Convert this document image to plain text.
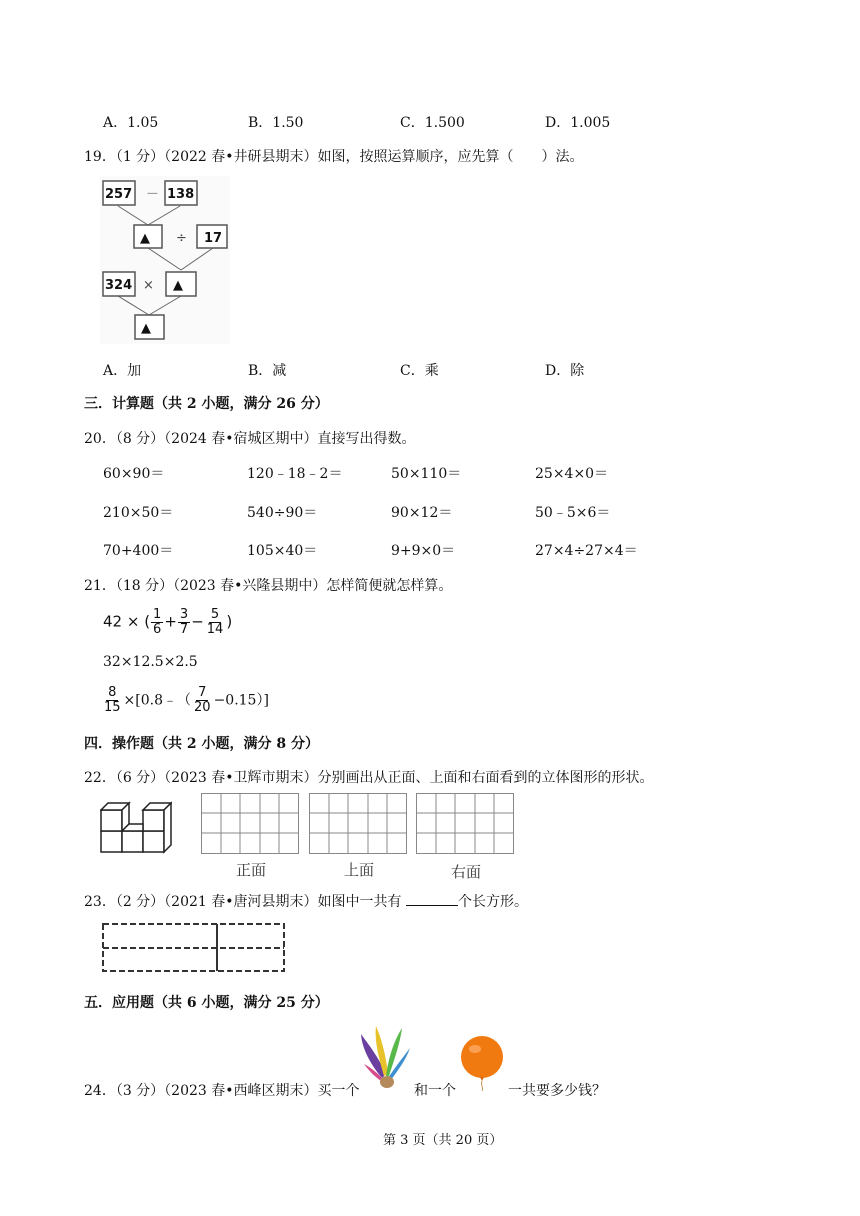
A．1.05	B．1.50	C．1.500	D．1.005
19．（1 分）（2022 春•井研县期末）如图，按照运算顺序，应先算（　　）法。
257 － 138
▲ ÷ 17
324 × ▲
▲
A．加	B．减	C．乘	D．除
三．计算题（共 2 小题，满分 26 分）
20．（8 分）（2024 春•宿城区期中）直接写出得数。
60×90＝	120﹣18﹣2＝	50×110＝	25×4×0＝
210×50＝	540÷90＝	90×12＝	50﹣5×6＝
70+400＝	105×40＝	9+9×0＝	27×4÷27×4＝
21．（18 分）（2023 春•兴隆县期中）怎样简便就怎样算。
42 × ( $\frac{1}{6} + \frac{3}{7} - \frac{5}{14}$ )
32×12.5×2.5
$\frac{8}{15}$ ×[0.8﹣（ $\frac{7}{20} -0.15$）]
四．操作题（共 2 小题，满分 8 分）
22．（6 分）（2023 春•卫辉市期末）分别画出从正面、上面和右面看到的立体图形的形状。
正面	上面	右面
23．（2 分）（2021 春•唐河县期末）如图中一共有	个长方形。
五．应用题（共 6 小题，满分 25 分）
24．（3 分）（2023 春•西峰区期末）买一个	和一个	一共要多少钱？
第 3 页（共 20 页）
